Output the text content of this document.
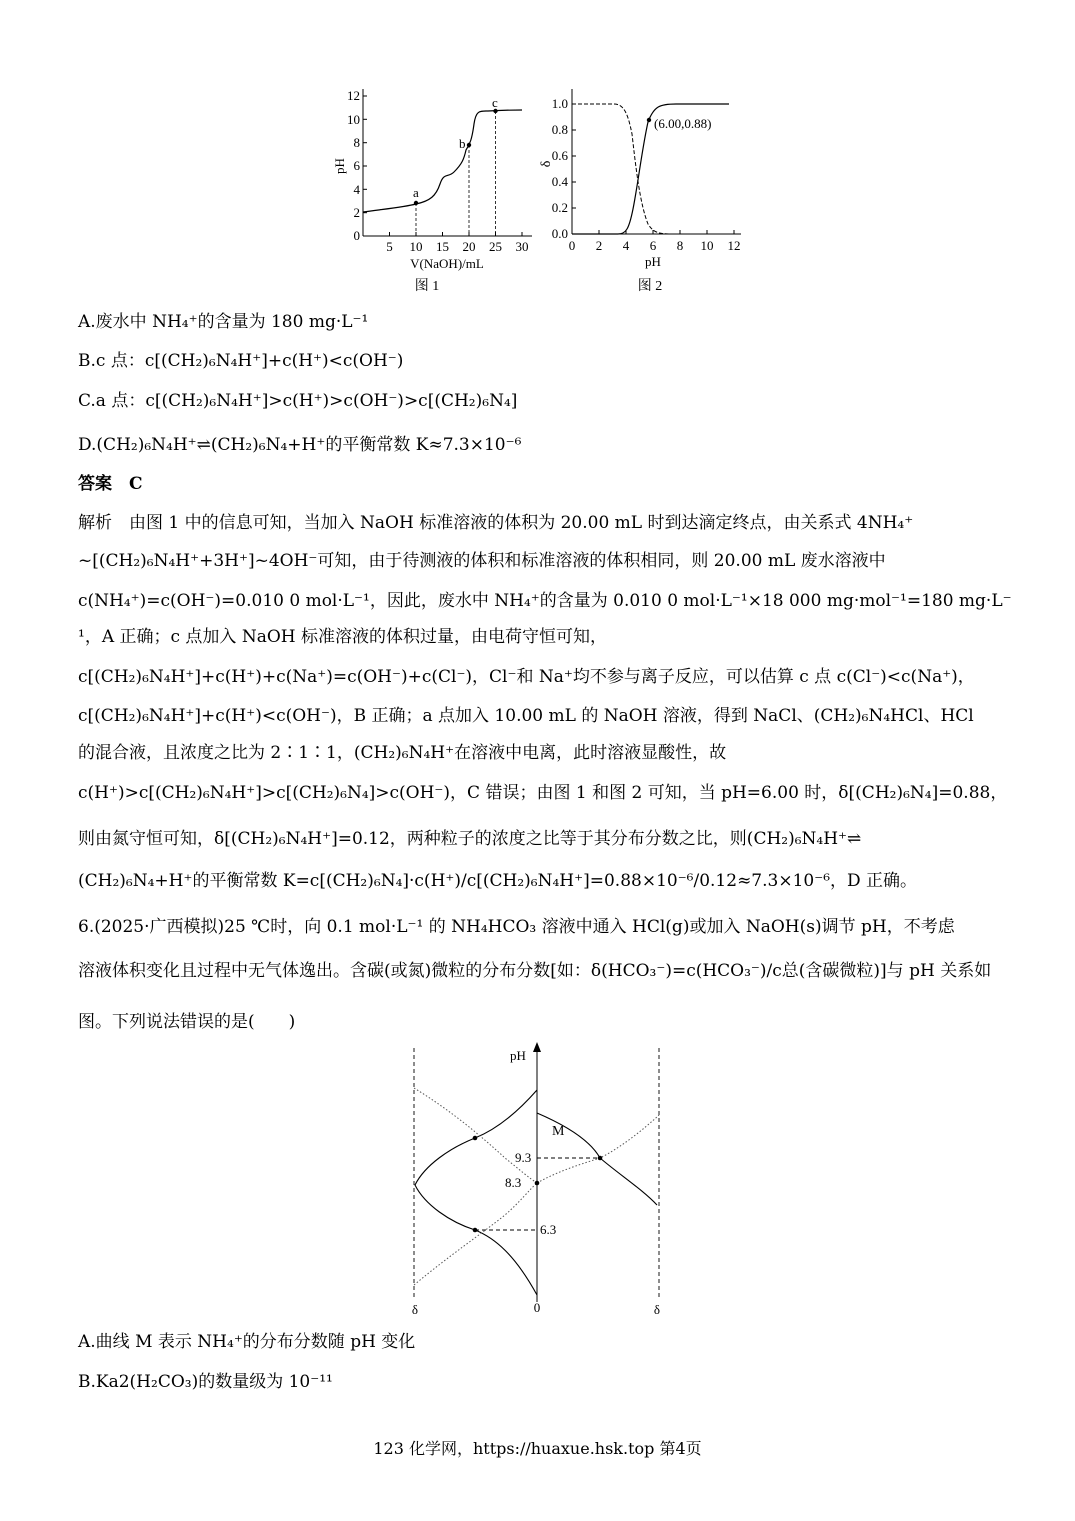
0
2
4
6
8
10
12
5 10 15 20 25 30
pH
V(NaOH)/mL
图 1
a
b
c
0.0
0.2
0.4
0.6
0.8
1.0
0 2 4 6 8 10 12
δ
pH
图 2
(6.00,0.88)
A.废水中 NH₄⁺的含量为 180 mg·L⁻¹
B.c 点：c[(CH₂)₆N₄H⁺]+c(H⁺)<c(OH⁻)
C.a 点：c[(CH₂)₆N₄H⁺]>c(H⁺)>c(OH⁻)>c[(CH₂)₆N₄]
D.(CH₂)₆N₄H⁺⇌(CH₂)₆N₄+H⁺的平衡常数 K≈7.3×10⁻⁶
答案　C
解析　由图 1 中的信息可知，当加入 NaOH 标准溶液的体积为 20.00 mL 时到达滴定终点，由关系式 4NH₄⁺
~[(CH₂)₆N₄H⁺+3H⁺]~4OH⁻可知，由于待测液的体积和标准溶液的体积相同，则 20.00 mL 废水溶液中
c(NH₄⁺)=c(OH⁻)=0.010 0 mol·L⁻¹，因此，废水中 NH₄⁺的含量为 0.010 0 mol·L⁻¹×18 000 mg·mol⁻¹=180 mg·L⁻
¹，A 正确；c 点加入 NaOH 标准溶液的体积过量，由电荷守恒可知，
c[(CH₂)₆N₄H⁺]+c(H⁺)+c(Na⁺)=c(OH⁻)+c(Cl⁻)，Cl⁻和 Na⁺均不参与离子反应，可以估算 c 点 c(Cl⁻)<c(Na⁺)，
c[(CH₂)₆N₄H⁺]+c(H⁺)<c(OH⁻)，B 正确；a 点加入 10.00 mL 的 NaOH 溶液，得到 NaCl、(CH₂)₆N₄HCl、HCl
的混合液，且浓度之比为 2∶1∶1，(CH₂)₆N₄H⁺在溶液中电离，此时溶液显酸性，故
c(H⁺)>c[(CH₂)₆N₄H⁺]>c[(CH₂)₆N₄]>c(OH⁻)，C 错误；由图 1 和图 2 可知，当 pH=6.00 时，δ[(CH₂)₆N₄]=0.88，
则由氮守恒可知，δ[(CH₂)₆N₄H⁺]=0.12，两种粒子的浓度之比等于其分布分数之比，则(CH₂)₆N₄H⁺⇌
(CH₂)₆N₄+H⁺的平衡常数 K=c[(CH₂)₆N₄]·c(H⁺)/c[(CH₂)₆N₄H⁺]=0.88×10⁻⁶/0.12≈7.3×10⁻⁶，D 正确。
6.(2025·广西模拟)25 ℃时，向 0.1 mol·L⁻¹ 的 NH₄HCO₃ 溶液中通入 HCl(g)或加入 NaOH(s)调节 pH，不考虑
溶液体积变化且过程中无气体逸出。含碳(或氮)微粒的分布分数[如：δ(HCO₃⁻)=c(HCO₃⁻)/c总(含碳微粒)]与 pH 关系如
图。下列说法错误的是(　　)
pH
M
9.3
8.3
6.3
δ	0	δ
A.曲线 M 表示 NH₄⁺的分布分数随 pH 变化
B.Ka2(H₂CO₃)的数量级为 10⁻¹¹
123 化学网，https://huaxue.hsk.top 第4页
